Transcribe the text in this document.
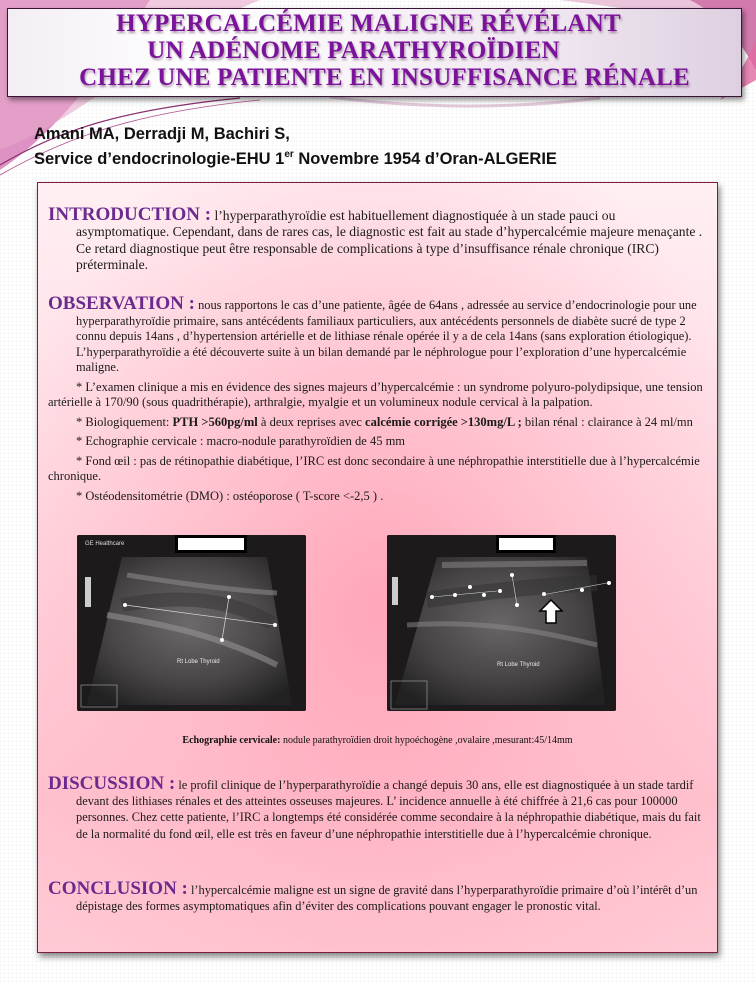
HYPERCALCÉMIE MALIGNE RÉVÉLANT
UN ADÉNOME PARATHYROÏDIEN
CHEZ UNE PATIENTE EN INSUFFISANCE RÉNALE
Amani MA, Derradji M, Bachiri S,
Service d’endocrinologie-EHU 1er Novembre 1954 d’Oran-ALGERIE
INTRODUCTION : l’hyperparathyroïdie est habituellement diagnostiquée à un stade pauci ou asymptomatique. Cependant, dans de rares cas, le diagnostic est fait au stade d’hypercalcémie majeure menaçante . Ce retard diagnostique peut être responsable de complications à type d’insuffisance rénale chronique (IRC) préterminale.
OBSERVATION : nous rapportons le cas d’une patiente, âgée de 64ans , adressée au service d’endocrinologie pour une hyperparathyroïdie primaire, sans antécédents familiaux particuliers, aux antécédents personnels de diabète sucré de type 2 connu depuis 14ans , d’hypertension artérielle et de lithiase rénale opérée il y a de cela 14ans (sans exploration étiologique). L’hyperparathyroïdie a été découverte suite à un bilan demandé par le néphrologue pour l’exploration d’une hypercalcémie maligne.
* L’examen clinique a mis en évidence des signes majeurs d’hypercalcémie : un syndrome polyuro-polydipsique, une tension artérielle à 170/90 (sous quadrithérapie), arthralgie, myalgie et un volumineux nodule cervical à la palpation.
* Biologiquement: PTH >560pg/ml à deux reprises avec calcémie corrigée >130mg/L ; bilan rénal : clairance à 24 ml/mn
* Echographie cervicale : macro-nodule parathyroïdien de 45 mm
* Fond œil : pas de rétinopathie diabétique, l’IRC est donc secondaire à une néphropathie interstitielle due à l’hypercalcémie chronique.
* Ostéodensitométrie (DMO) : ostéoporose ( T-score <-2,5 ) .
GE Healthcare
Rt Lobe Thyroid	Rt Lobe Thyroid
Echographie cervicale: nodule parathyroïdien droit hypoéchogène ,ovalaire ,mesurant:45/14mm
DISCUSSION : le profil clinique de l’hyperparathyroïdie a changé depuis 30 ans, elle est diagnostiquée à un stade tardif devant des lithiases rénales et des atteintes osseuses majeures. L’ incidence annuelle à été chiffrée à 21,6 cas pour 100000 personnes. Chez cette patiente, l’IRC a longtemps été considérée comme secondaire à la néphropathie diabétique, mais du fait de la normalité du fond œil, elle est très en faveur d’une néphropathie interstitielle due à l’hypercalcémie chronique.
CONCLUSION : l’hypercalcémie maligne est un signe de gravité dans l’hyperparathyroïdie primaire d’où l’intérêt d’un dépistage des formes asymptomatiques afin d’éviter des complications pouvant engager le pronostic vital.
